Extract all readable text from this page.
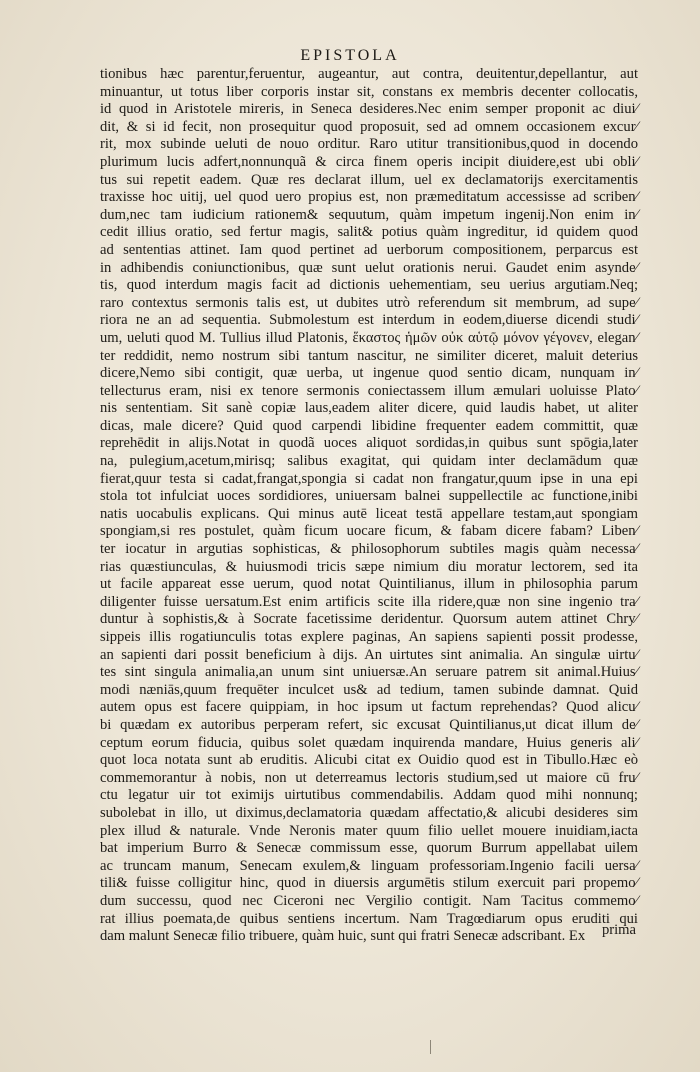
EPISTOLA
tionibus hæc parentur,feruentur, augeantur, aut contra, deuitentur,depellantur, aut
minuantur, ut totus liber corporis instar sit, constans ex membris decenter collocatis,
id quod in Aristotele mireris, in Seneca desideres.Nec enim semper proponit ac diui⁄
dit, & si id fecit, non prosequitur quod proposuit, sed ad omnem occasionem excur⁄
rit, mox subinde ueluti de nouo orditur. Raro utitur transitionibus,quod in docendo
plurimum lucis adfert,nonnunquã & circa finem operis incipit diuidere,est ubi obli⁄
tus sui repetit eadem. Quæ res declarat illum, uel ex declamatorijs exercitamentis
traxisse hoc uitij, uel quod uero propius est, non præmeditatum accessisse ad scriben⁄
dum,nec tam iudicium rationem& sequutum, quàm impetum ingenij.Non enim in⁄
cedit illius oratio, sed fertur magis, salit& potius quàm ingreditur, id quidem quod
ad sententias attinet. Iam quod pertinet ad uerborum compositionem, perparcus est
in adhibendis coniunctionibus, quæ sunt uelut orationis nerui. Gaudet enim asynde⁄
tis, quod interdum magis facit ad dictionis uehementiam, seu uerius argutiam.Neq;
raro contextus sermonis talis est, ut dubites utrò referendum sit membrum, ad supe⁄
riora ne an ad sequentia. Submolestum est interdum in eodem,diuerse dicendi studi⁄
um, ueluti quod M. Tullius illud Platonis, ἕκαστος ἡμῶν οὐκ αὑτῷ μόνον γέγονεν, elegan⁄
ter reddidit, nemo nostrum sibi tantum nascitur, ne similiter diceret, maluit deterius
dicere,Nemo sibi contigit, quæ uerba, ut ingenue quod sentio dicam, nunquam in⁄
tellecturus eram, nisi ex tenore sermonis coniectassem illum æmulari uoluisse Plato⁄
nis sententiam. Sit sanè copiæ laus,eadem aliter dicere, quid laudis habet, ut aliter
dicas, male dicere? Quid quod carpendi libidine frequenter eadem committit, quæ
reprehēdit in alijs.Notat in quodã uoces aliquot sordidas,in quibus sunt spōgia,later
na, pulegium,acetum,mirisq; salibus exagitat, qui quidam inter declamādum quæ
fierat,quur testa si cadat,frangat,spongia si cadat non frangatur,quum ipse in una epi
stola tot infulciat uoces sordidiores, uniuersam balnei suppellectile ac functione,inibi
natis uocabulis explicans. Qui minus autē liceat testā appellare testam,aut spongiam
spongiam,si res postulet, quàm ficum uocare ficum, & fabam dicere fabam? Liben⁄
ter iocatur in argutias sophisticas, & philosophorum subtiles magis quàm necessa⁄
rias quæstiunculas, & huiusmodi tricis sæpe nimium diu moratur lectorem, sed ita
ut facile appareat esse uerum, quod notat Quintilianus, illum in philosophia parum
diligenter fuisse uersatum.Est enim artificis scite illa ridere,quæ non sine ingenio tra⁄
duntur à sophistis,& à Socrate facetissime deridentur. Quorsum autem attinet Chry⁄
sippeis illis rogatiunculis totas explere paginas, An sapiens sapienti possit prodesse,
an sapienti dari possit beneficium à dijs. An uirtutes sint animalia. An singulæ uirtu⁄
tes sint singula animalia,an unum sint uniuersæ.An seruare patrem sit animal.Huius⁄
modi næniās,quum frequēter inculcet us& ad tedium, tamen subinde damnat. Quid
autem opus est facere quippiam, in hoc ipsum ut factum reprehendas? Quod alicu⁄
bi quædam ex autoribus perperam refert, sic excusat Quintilianus,ut dicat illum de⁄
ceptum eorum fiducia, quibus solet quædam inquirenda mandare, Huius generis ali⁄
quot loca notata sunt ab eruditis. Alicubi citat ex Ouidio quod est in Tibullo.Hæc eò
commemorantur à nobis, non ut deterreamus lectoris studium,sed ut maiore cū fru⁄
ctu legatur uir tot eximijs uirtutibus commendabilis. Addam quod mihi nonnunq;
subolebat in illo, ut diximus,declamatoria quædam affectatio,& alicubi desideres sim
plex illud & naturale. Vnde Neronis mater quum filio uellet mouere inuidiam,iacta
bat imperium Burro & Senecæ commissum esse, quorum Burrum appellabat uilem
ac truncam manum, Senecam exulem,& linguam professoriam.Ingenio facili uersa⁄
tili& fuisse colligitur hinc, quod in diuersis argumētis stilum exercuit pari propemo⁄
dum successu, quod nec Ciceroni nec Vergilio contigit. Nam Tacitus commemo⁄
rat illius poemata,de quibus sentiens incertum. Nam Tragœdiarum opus eruditi qui
dam malunt Senecæ filio tribuere, quàm huic, sunt qui fratri Senecæ adscribant. Ex	prima
